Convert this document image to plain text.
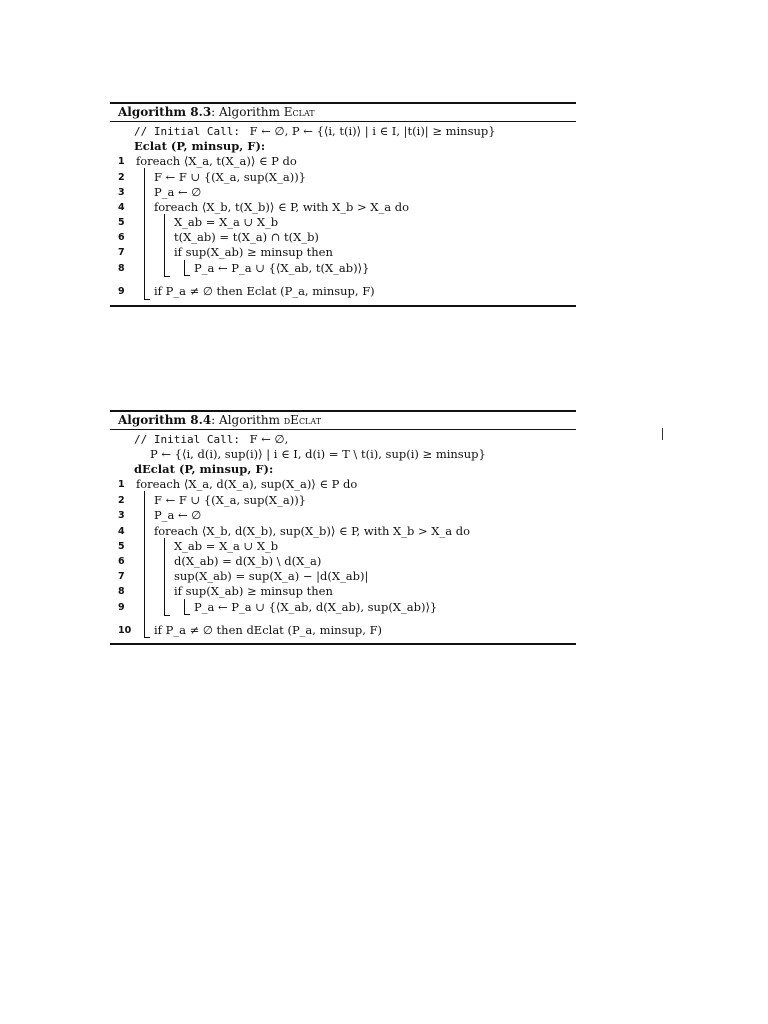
Algorithm 8.3: Algorithm Eclat
// Initial Call: F ← ∅, P ← {⟨i, t(i)⟩ | i ∈ I, |t(i)| ≥ minsup}
Eclat (P, minsup, F):
1 foreach ⟨X_a, t(X_a)⟩ ∈ P do
2	F ← F ∪ {(X_a, sup(X_a))}
3	P_a ← ∅
4	foreach ⟨X_b, t(X_b)⟩ ∈ P, with X_b > X_a do
5	X_ab = X_a ∪ X_b
6	t(X_ab) = t(X_a) ∩ t(X_b)
7	if sup(X_ab) ≥ minsup then
8	P_a ← P_a ∪ {⟨X_ab, t(X_ab)⟩}
9	if P_a ≠ ∅ then Eclat (P_a, minsup, F)
Algorithm 8.4: Algorithm dEclat
// Initial Call: F ← ∅,
P ← {⟨i, d(i), sup(i)⟩ | i ∈ I, d(i) = T \ t(i), sup(i) ≥ minsup}
dEclat (P, minsup, F):
1 foreach ⟨X_a, d(X_a), sup(X_a)⟩ ∈ P do
2	F ← F ∪ {(X_a, sup(X_a))}
3	P_a ← ∅
4	foreach ⟨X_b, d(X_b), sup(X_b)⟩ ∈ P, with X_b > X_a do
5	X_ab = X_a ∪ X_b
6	d(X_ab) = d(X_b) \ d(X_a)
7	sup(X_ab) = sup(X_a) − |d(X_ab)|
8	if sup(X_ab) ≥ minsup then
9	P_a ← P_a ∪ {⟨X_ab, d(X_ab), sup(X_ab)⟩}
10 if P_a ≠ ∅ then dEclat (P_a, minsup, F)
